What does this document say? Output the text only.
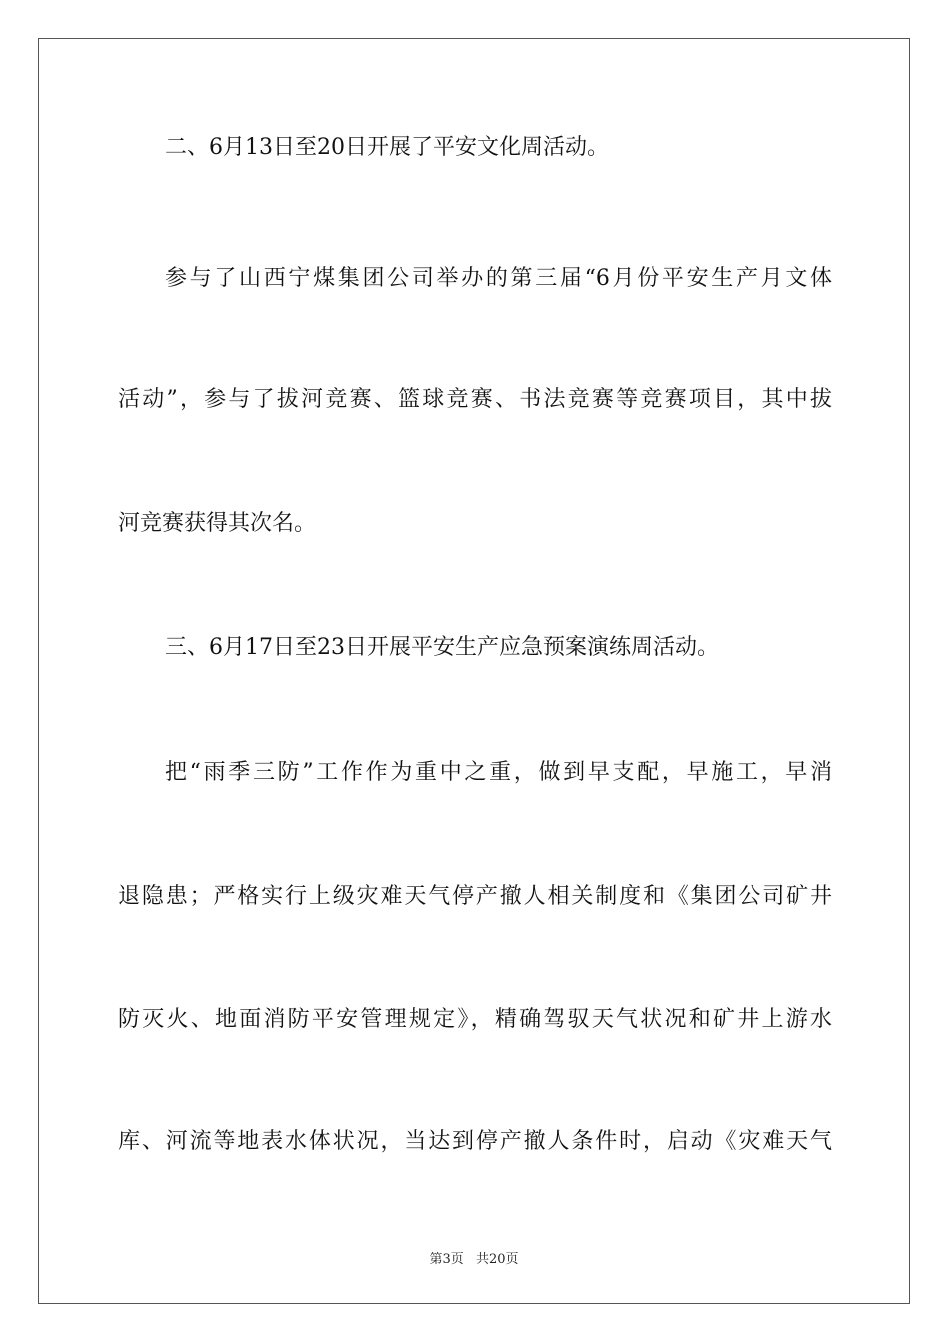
二、6月13日至20日开展了平安文化周活动。
参与了山西宁煤集团公司举办的第三届“6月份平安生产月文体
活动”，参与了拔河竞赛、篮球竞赛、书法竞赛等竞赛项目，其中拔
河竞赛获得其次名。
三、6月17日至23日开展平安生产应急预案演练周活动。
把“雨季三防”工作作为重中之重，做到早支配，早施工，早消
退隐患；严格实行上级灾难天气停产撤人相关制度和《集团公司矿井
防灭火、地面消防平安管理规定》，精确驾驭天气状况和矿井上游水
库、河流等地表水体状况，当达到停产撤人条件时，启动《灾难天气
第3页 共20页
